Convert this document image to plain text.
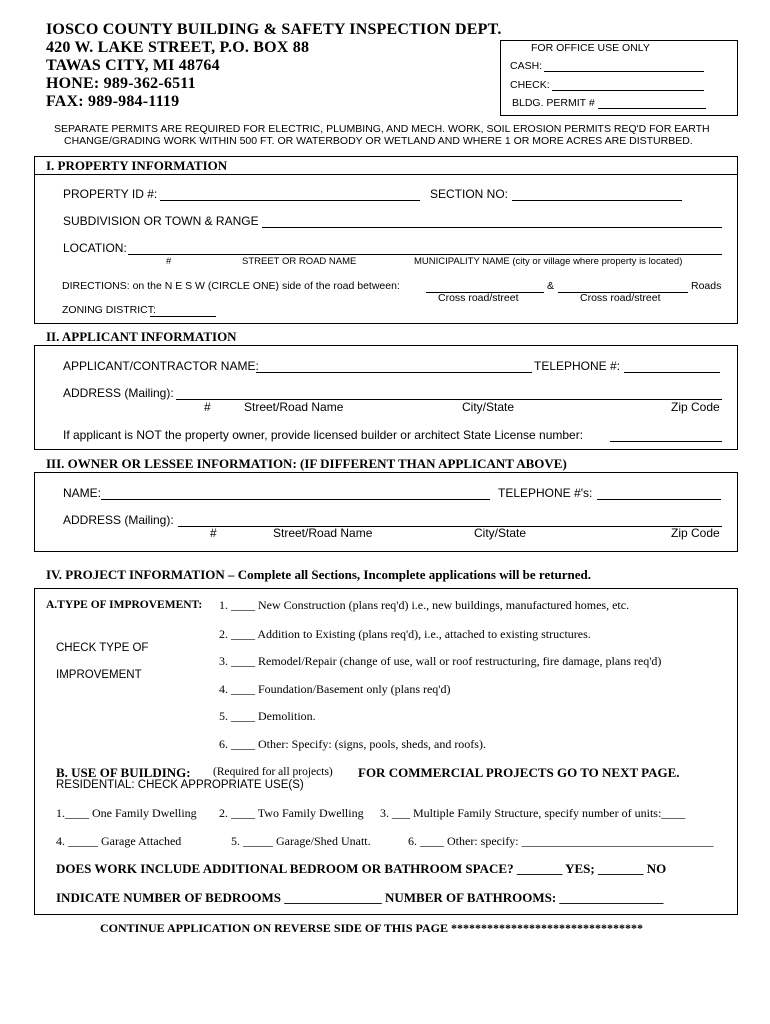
IOSCO COUNTY BUILDING & SAFETY INSPECTION DEPT.
420 W. LAKE STREET, P.O. BOX 88
TAWAS CITY, MI 48764
HONE: 989-362-6511
FAX: 989-984-1119
FOR OFFICE USE ONLY
CASH:
CHECK:
BLDG. PERMIT #
SEPARATE PERMITS ARE REQUIRED FOR ELECTRIC, PLUMBING, AND MECH. WORK, SOIL EROSION PERMITS REQ'D FOR EARTH
CHANGE/GRADING WORK WITHIN 500 FT. OR WATERBODY OR WETLAND AND WHERE 1 OR MORE ACRES ARE DISTURBED.
I. PROPERTY INFORMATION
PROPERTY ID #:	SECTION NO:
SUBDIVISION OR TOWN & RANGE
LOCATION:
#	STREET OR ROAD NAME	MUNICIPALITY NAME (city or village where property is located)
DIRECTIONS: on the N E S W (CIRCLE ONE) side of the road between:	&	Roads
Cross road/street	Cross road/street
ZONING DISTRICT:
II. APPLICANT INFORMATION
APPLICANT/CONTRACTOR NAME:	TELEPHONE #:
ADDRESS (Mailing):
#	Street/Road Name	City/State	Zip Code
If applicant is NOT the property owner, provide licensed builder or architect State License number:
III. OWNER OR LESSEE INFORMATION: (IF DIFFERENT THAN APPLICANT ABOVE)
NAME:	TELEPHONE #'s:
ADDRESS (Mailing):
#	Street/Road Name	City/State	Zip Code
IV. PROJECT INFORMATION – Complete all Sections, Incomplete applications will be returned.
A.TYPE OF IMPROVEMENT:
CHECK TYPE OF
IMPROVEMENT
1. ____ New Construction (plans req'd) i.e., new buildings, manufactured homes, etc.
2. ____ Addition to Existing (plans req'd), i.e., attached to existing structures.
3. ____ Remodel/Repair (change of use, wall or roof restructuring, fire damage, plans req'd)
4. ____ Foundation/Basement only (plans req'd)
5. ____ Demolition.
6. ____ Other: Specify: (signs, pools, sheds, and roofs).
B. USE OF BUILDING: (Required for all projects) FOR COMMERCIAL PROJECTS GO TO NEXT PAGE.
RESIDENTIAL: CHECK APPROPRIATE USE(S)
1.____ One Family Dwelling 2. ____ Two Family Dwelling 3. ___ Multiple Family Structure, specify number of units:____
4. _____ Garage Attached	5. _____ Garage/Shed Unatt.	6. ____ Other: specify: ________________________________
DOES WORK INCLUDE ADDITIONAL BEDROOM OR BATHROOM SPACE? _______ YES; _______ NO
INDICATE NUMBER OF BEDROOMS _______________ NUMBER OF BATHROOMS: ________________
CONTINUE APPLICATION ON REVERSE SIDE OF THIS PAGE ********************************
